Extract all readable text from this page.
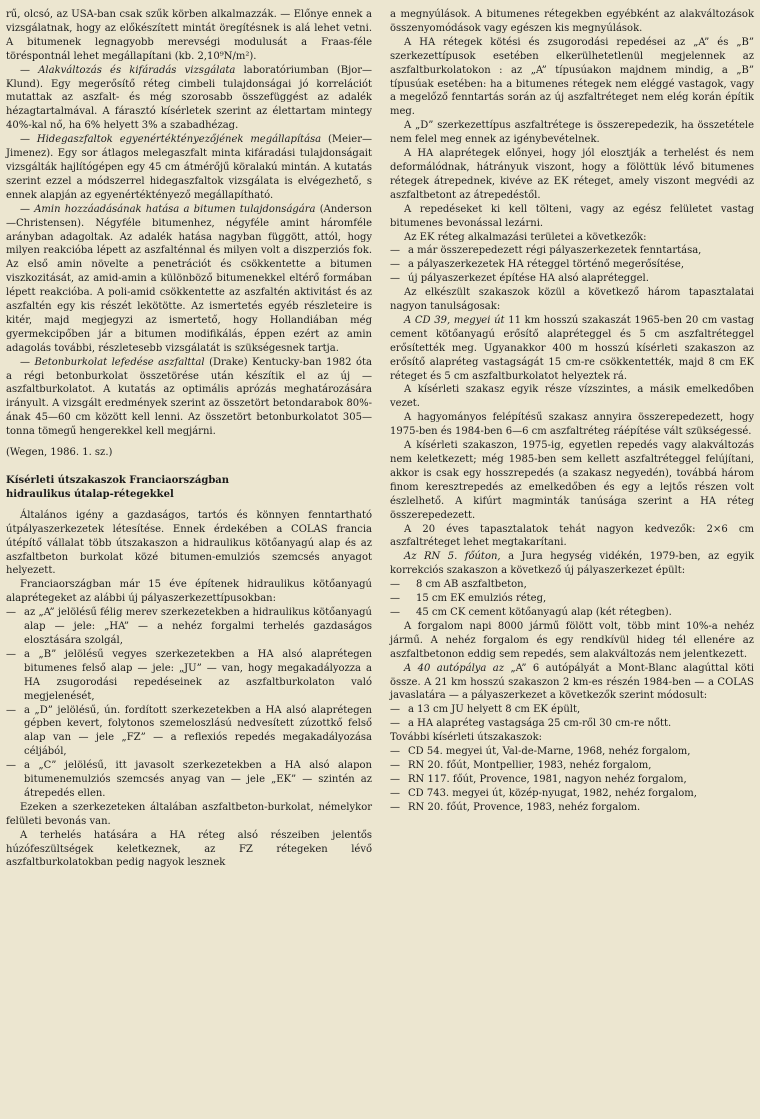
rű, olcsó, az USA-ban csak szűk körben alkalmazzák. — Előnye ennek a vizsgálatnak, hogy az előkészített mintát öregítésnek is alá lehet vetni. A bitumenek legnagyobb merevségi modulusát a Fraas-féle töréspontnál lehet megállapítani (kb. 2,10⁹N/m²).

— Alakváltozás és kifáradás vizsgálata laboratóriumban (Bjor—Klund). Egy megerősítő réteg cimbeli tulajdonságai jó korrelációt mutattak az aszfalt- és még szorosabb összefüggést az adalék hézagtartalmával. A fárasztó kísérletek szerint az élettartam mintegy 40%-kal nő, ha 6% helyett 3% a szabadhézag.

— Hidegaszfaltok egyenértéktényezőjének megállapítása (Meier—Jimenez). Egy sor átlagos melegaszfalt minta kifáradási tulajdonságait vizsgálták hajlítógépen egy 45 cm átmérőjű köralakú mintán. A kutatás szerint ezzel a módszerrel hidegaszfaltok vizsgálata is elvégezhető, s ennek alapján az egyenértéktényező megállapítható.

— Amin hozzáadásának hatása a bitumen tulajdonságára (Anderson—Christensen). Négyféle bitumenhez, négyféle amint háromféle arányban adagoltak. Az adalék hatása nagyban függött, attól, hogy milyen reakcióba lépett az aszfalténnal és milyen volt a diszperziós fok. Az első amin növelte a penetrációt és csökkentette a bitumen viszkozitását, az amid-amin a különböző bitumenekkel eltérő formában lépett reakcióba. A poli-amid csökkentette az aszfaltén aktivitást és az aszfaltén egy kis részét lekötötte. Az ismertetés egyéb részleteire is kitér, majd megjegyzi az ismertető, hogy Hollandiában még gyermekcipőben jár a bitumen modifikálás, éppen ezért az amin adagolás további, részletesebb vizsgálatát is szükségesnek tartja.

— Betonburkolat lefedése aszfalttal (Drake) Kentucky-ban 1982 óta a régi betonburkolat összetörése után készítik el az új — aszfaltburkolatot. A kutatás az optimális aprózás meghatározására irányult. A vizsgált eredmények szerint az összetört betondarabok 80%-ának 45—60 cm között kell lenni. Az összetört betonburkolatot 305— tonna tömegű hengerekkel kell megjárni.

(Wegen, 1986. 1. sz.)

Kísérleti útszakaszok Franciaországban
hidraulikus útalap-rétegekkel

Általános igény a gazdaságos, tartós és könnyen fenntartható útpályaszerkezetek létesítése. Ennek érdekében a COLAS francia útépítő vállalat több útszakaszon a hidraulikus kötőanyagú alap és az aszfaltbeton burkolat közé bitumen-emulziós szemcsés anyagot helyezett.

Franciaországban már 15 éve építenek hidraulikus kötőanyagú alaprétegeket az alábbi új pályaszerkezettípusokban:

— az „A” jelölésű félig merev szerkezetekben a hidraulikus kötőanyagú alap — jele: „HA” — a nehéz forgalmi terhelés gazdaságos elosztására szolgál,
— a „B” jelölésű vegyes szerkezetekben a HA alsó alaprétegen bitumenes felső alap — jele: „JU” — van, hogy megakadályozza a HA zsugorodási repedéseinek az aszfaltburkolaton való megjelenését,
— a „D” jelölésű, ún. fordított szerkezetekben a HA alsó alaprétegen gépben kevert, folytonos szemeloszlású nedvesített zúzottkő felső alap van — jele „FZ” — a reflexiós repedés megakadályozása céljából,
— a „C” jelölésű, itt javasolt szerkezetekben a HA alsó alapon bitumenemulziós szemcsés anyag van — jele „EK” — szintén az átrepedés ellen.

Ezeken a szerkezeteken általában aszfaltbeton-burkolat, némelykor felületi bevonás van.

A terhelés hatására a HA réteg alsó részeiben jelentős húzófeszültségek keletkeznek, az FZ rétegeken lévő aszfaltburkolatokban pedig nagyok lesznek

a megnyúlások. A bitumenes rétegekben egyébként az alakváltozások összenyomódások vagy egészen kis megnyúlások.

A HA rétegek kötési és zsugorodási repedései az „A” és „B” szerkezettípusok esetében elkerülhetetlenül megjelennek az aszfaltburkolatokon : az „A” típusúakon majdnem mindig, a „B” típusúak esetében: ha a bitumenes rétegek nem eléggé vastagok, vagy a megelőző fenntartás során az új aszfaltréteget nem elég korán építik meg.

A „D” szerkezettípus aszfaltrétege is összerepedezik, ha összetétele nem felel meg ennek az igénybevételnek.

A HA alaprétegek előnyei, hogy jól elosztják a terhelést és nem deformálódnak, hátrányuk viszont, hogy a fölöttük lévő bitumenes rétegek átrepednek, kivéve az EK réteget, amely viszont megvédi az aszfaltbetont az átrepedéstől.

A repedéseket ki kell tölteni, vagy az egész felületet vastag bitumenes bevonással lezárni.

Az EK réteg alkalmazási területei a következők:

— a már összerepedezett régi pályaszerkezetek fenntartása,
— a pályaszerkezetek HA réteggel történő megerősítése,
— új pályaszerkezet építése HA alsó alapréteggel.

Az elkészült szakaszok közül a következő három tapasztalatai nagyon tanulságosak:

A CD 39, megyei út 11 km hosszú szakaszát 1965-ben 20 cm vastag cement kötőanyagú erősítő alapréteggel és 5 cm aszfaltréteggel erősítették meg. Ugyanakkor 400 m hosszú kísérleti szakaszon az erősítő alapréteg vastagságát 15 cm-re csökkentették, majd 8 cm EK réteget és 5 cm aszfaltburkolatot helyeztek rá.

A kísérleti szakasz egyik része vízszintes, a másik emelkedőben vezet.

A hagyományos felépítésű szakasz annyira összerepedezett, hogy 1975-ben és 1984-ben 6—6 cm aszfaltréteg ráépítése vált szükségessé.

A kísérleti szakaszon, 1975-ig, egyetlen repedés vagy alakváltozás nem keletkezett; még 1985-ben sem kellett aszfaltréteggel felújítani, akkor is csak egy hosszrepedés (a szakasz negyedén), továbbá három finom keresztrepedés az emelkedőben és egy a lejtős részen volt észlelhető. A kifúrt magminták tanúsága szerint a HA réteg összerepedezett.

A 20 éves tapasztalatok tehát nagyon kedvezők: 2×6 cm aszfaltréteget lehet megtakarítani.

Az RN 5. főúton, a Jura hegység vidékén, 1979-ben, az egyik korrekciós szakaszon a következő új pályaszerkezet épült:

—	8 cm AB aszfaltbeton,
—	15 cm EK emulziós réteg,
—	45 cm CK cement kötőanyagú alap (két rétegben).

A forgalom napi 8000 jármű fölött volt, több mint 10%-a nehéz jármű. A nehéz forgalom és egy rendkívül hideg tél ellenére az aszfaltbetonon eddig sem repedés, sem alakváltozás nem jelentkezett.

A 40 autópálya az „A” 6 autópályát a Mont-Blanc alagúttal köti össze. A 21 km hosszú szakaszon 2 km-es részén 1984-ben — a COLAS javaslatára — a pályaszerkezet a következők szerint módosult:

— a 13 cm JU helyett 8 cm EK épült,
— a HA alapréteg vastagsága 25 cm-ről 30 cm-re nőtt.

További kísérleti útszakaszok:

— CD 54. megyei út, Val-de-Marne, 1968, nehéz forgalom,
— RN 20. főút, Montpellier, 1983, nehéz forgalom,
— RN 117. főút, Provence, 1981, nagyon nehéz forgalom,
— CD 743. megyei út, közép-nyugat, 1982, nehéz forgalom,
— RN 20. főút, Provence, 1983, nehéz forgalom.
